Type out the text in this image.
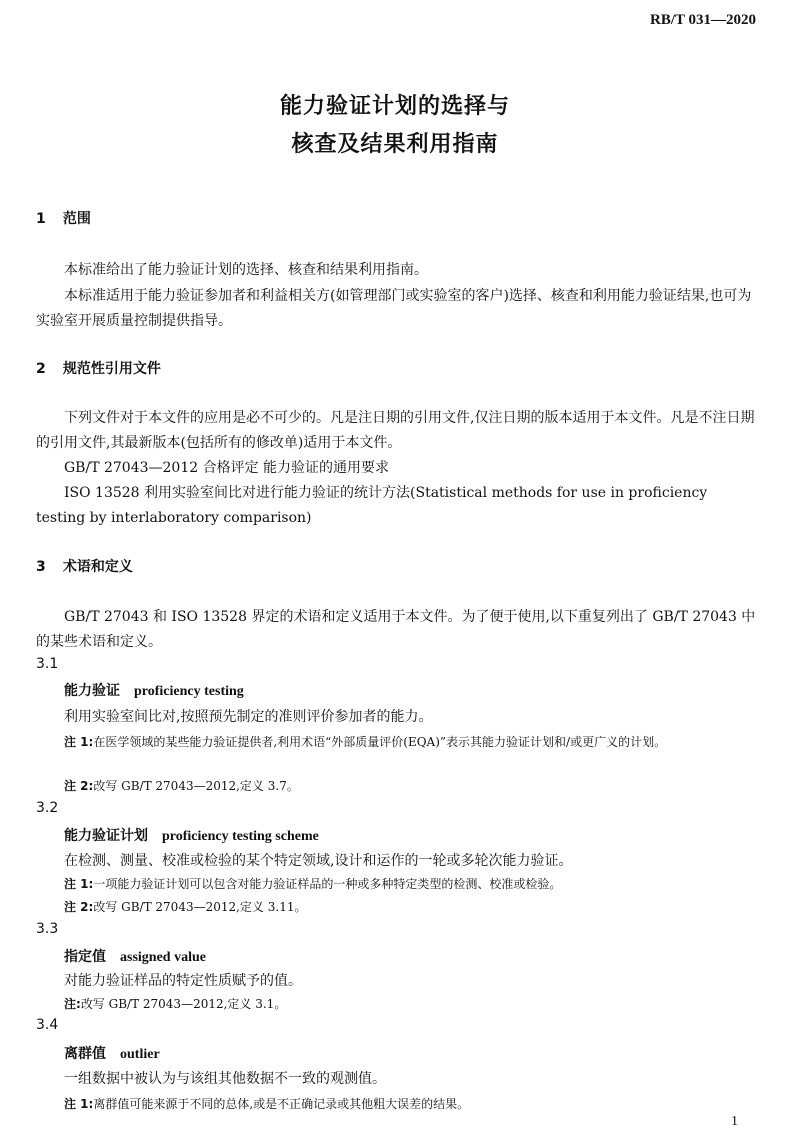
RB/T 031—2020
能力验证计划的选择与
核查及结果利用指南
1 范围
本标准给出了能力验证计划的选择、核查和结果利用指南。
本标准适用于能力验证参加者和利益相关方(如管理部门或实验室的客户)选择、核查和利用能力验证结果,也可为实验室开展质量控制提供指导。
2 规范性引用文件
下列文件对于本文件的应用是必不可少的。凡是注日期的引用文件,仅注日期的版本适用于本文件。凡是不注日期的引用文件,其最新版本(包括所有的修改单)适用于本文件。
GB/T 27043—2012 合格评定 能力验证的通用要求
ISO 13528 利用实验室间比对进行能力验证的统计方法(Statistical methods for use in proficiency testing by interlaboratory comparison)
3 术语和定义
GB/T 27043 和 ISO 13528 界定的术语和定义适用于本文件。为了便于使用,以下重复列出了 GB/T 27043 中的某些术语和定义。
3.1
能力验证 proficiency testing
利用实验室间比对,按照预先制定的准则评价参加者的能力。
注 1:在医学领域的某些能力验证提供者,利用术语“外部质量评价(EQA)”表示其能力验证计划和/或更广义的计划。
注 2:改写 GB/T 27043—2012,定义 3.7。
3.2
能力验证计划 proficiency testing scheme
在检测、测量、校准或检验的某个特定领域,设计和运作的一轮或多轮次能力验证。
注 1:一项能力验证计划可以包含对能力验证样品的一种或多种特定类型的检测、校准或检验。
注 2:改写 GB/T 27043—2012,定义 3.11。
3.3
指定值 assigned value
对能力验证样品的特定性质赋予的值。
注:改写 GB/T 27043—2012,定义 3.1。
3.4
离群值 outlier
一组数据中被认为与该组其他数据不一致的观测值。
注 1:离群值可能来源于不同的总体,或是不正确记录或其他粗大误差的结果。
1
